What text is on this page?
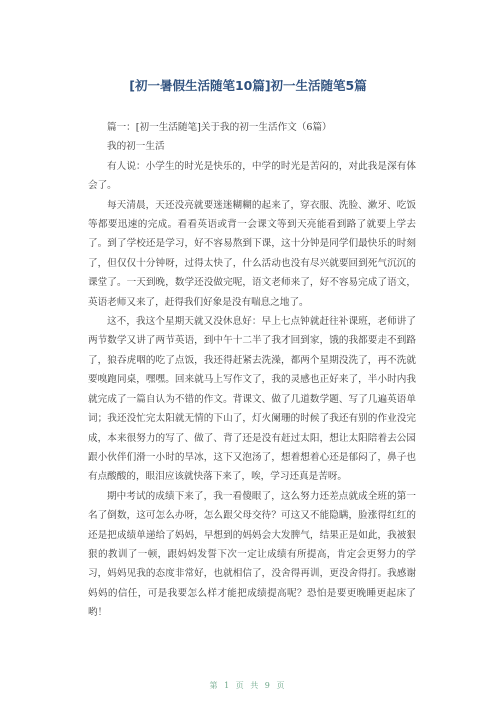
[初一暑假生活随笔10篇]初一生活随笔5篇

篇一：[初一生活随笔]关于我的初一生活作文（6篇）

我的初一生活

有人说：小学生的时光是快乐的，中学的时光是苦闷的，对此我是深有体会了。

每天清晨，天还没亮就要迷迷糊糊的起来了，穿衣服、洗脸、漱牙、吃饭等都要迅速的完成。看看英语或背一会课文等到天亮能看到路了就要上学去了。到了学校还是学习，好不容易熬到下课，这十分钟是同学们最快乐的时刻了，但仅仅十分钟呀，过得太快了，什么活动也没有尽兴就要回到死气沉沉的课堂了。一天到晚，数学还没做完呢，语文老师来了，好不容易完成了语文，英语老师又来了，赶得我们好象是没有喘息之地了。

这不，我这个星期天就又没休息好：早上七点钟就赶往补课班，老师讲了两节数学又讲了两节英语，到中午十二半了我才回到家，饿的我都要走不到路了，狼吞虎咽的吃了点饭，我还得赶紧去洗澡，都两个星期没洗了，再不洗就要嗅跑同桌，嘿嘿。回来就马上写作文了，我的灵感也正好来了，半小时内我就完成了一篇自认为不错的作文。背课文、做了几道数学题、写了几遍英语单词；我还没忙完太阳就无情的下山了，灯火阑珊的时候了我还有别的作业没完成，本来很努力的写了、做了、背了还是没有赶过太阳，想让太阳陪着去公园跟小伙伴们滑一小时的旱冰，这下又泡汤了，想着想着心还是郁闷了，鼻子也有点酸酸的，眼泪应该就快落下来了，唉，学习还真是苦呀。

期中考试的成绩下来了，我一看傻眼了，这么努力还差点就成全班的第一名了倒数，这可怎么办呀，怎么跟父母交待？可这又不能隐瞒，脸涨得红红的还是把成绩单递给了妈妈，早想到的妈妈会大发脾气，结果正是如此，我被狠狠的教训了一顿，跟妈妈发誓下次一定让成绩有所提高，肯定会更努力的学习，妈妈见我的态度非常好，也就相信了，没舍得再训，更没舍得打。我感谢妈妈的信任，可是我要怎么样才能把成绩提高呢？恐怕是要更晚睡更起床了哟！

第 1 页 共 9 页
